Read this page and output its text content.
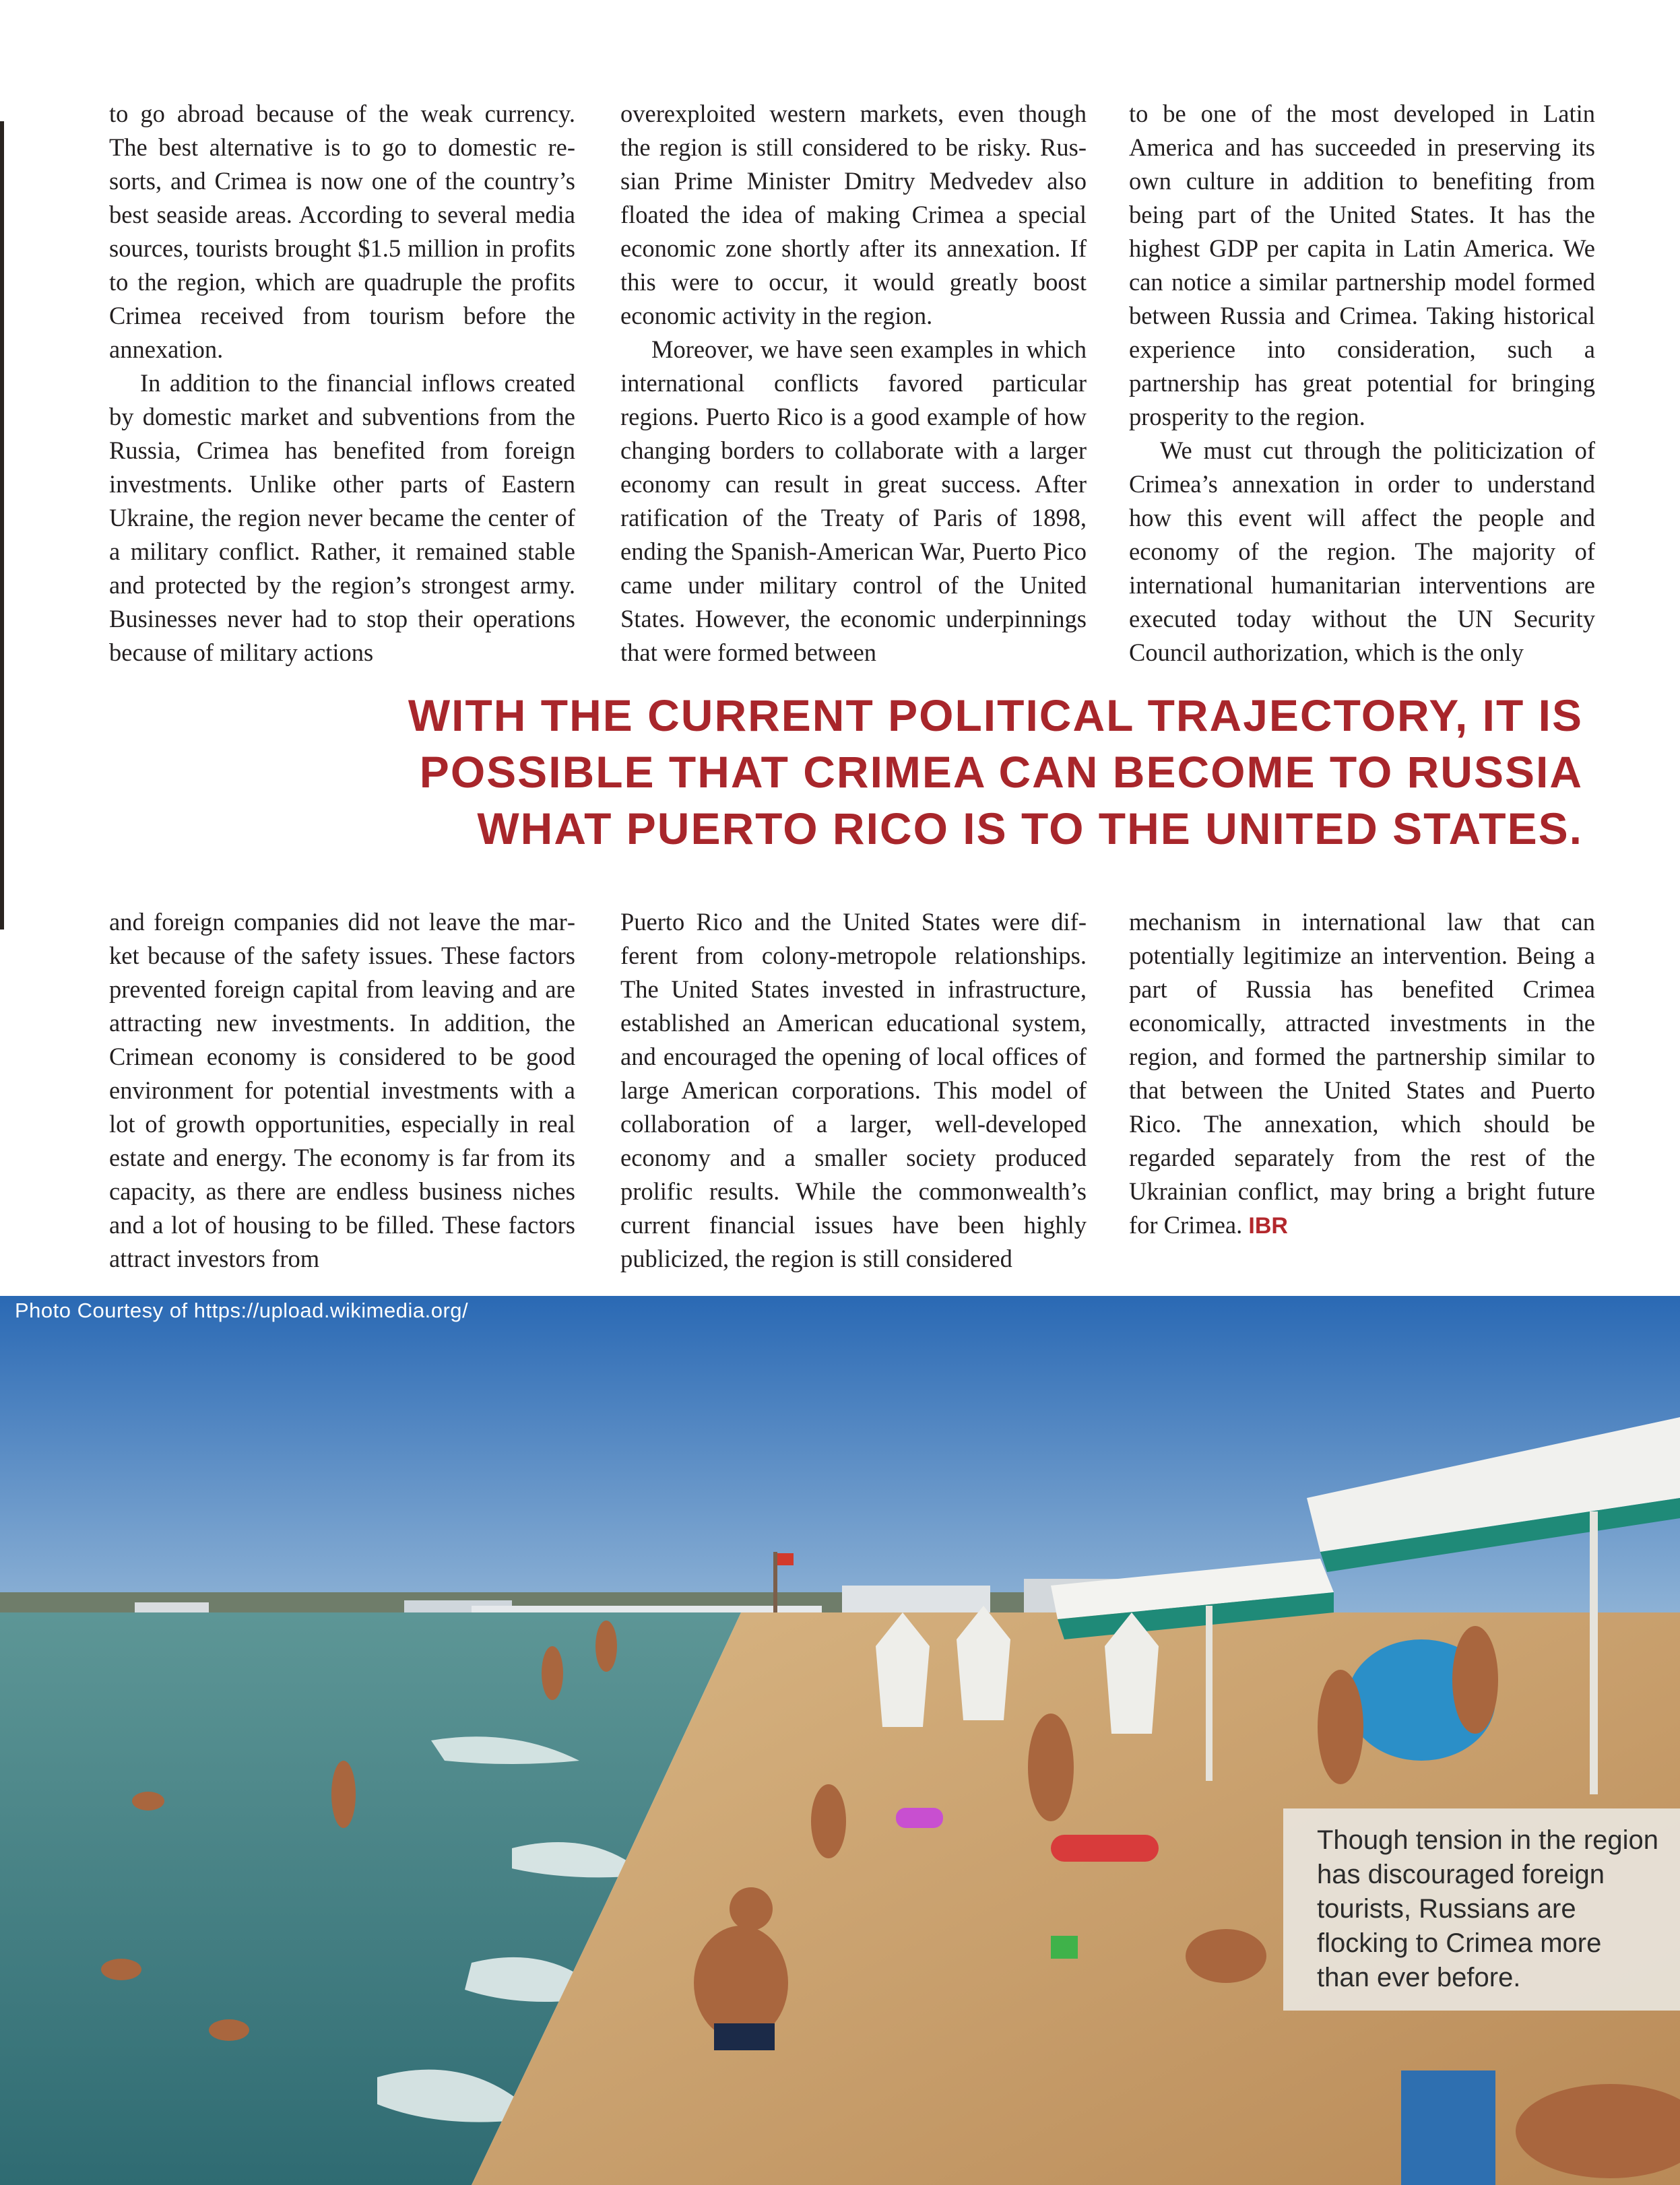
to go abroad because of the weak currency. The best alternative is to go to domestic resorts, and Crimea is now one of the country’s best seaside areas. According to several media sources, tourists brought $1.5 million in profits to the region, which are quadruple the profits Crimea received from tourism before the annexation.

In addition to the financial inflows created by domestic market and subventions from the Russia, Crimea has benefited from foreign investments. Unlike other parts of Eastern Ukraine, the region never became the center of a military conflict. Rather, it remained stable and protected by the region’s strongest army. Businesses never had to stop their operations because of military actions

overexploited western markets, even though the region is still considered to be risky. Russian Prime Minister Dmitry Medvedev also floated the idea of making Crimea a special economic zone shortly after its annexation. If this were to occur, it would greatly boost economic activity in the region.

Moreover, we have seen examples in which international conflicts favored particular regions. Puerto Rico is a good example of how changing borders to collaborate with a larger economy can result in great success. After ratification of the Treaty of Paris of 1898, ending the Spanish-American War, Puerto Pico came under military control of the United States. However, the economic underpinnings that were formed between

to be one of the most developed in Latin America and has succeeded in preserving its own culture in addition to benefiting from being part of the United States. It has the highest GDP per capita in Latin America. We can notice a similar partnership model formed between Russia and Crimea. Taking historical experience into consideration, such a partnership has great potential for bringing prosperity to the region.

We must cut through the politicization of Crimea’s annexation in order to understand how this event will affect the people and economy of the region. The majority of international humanitarian interventions are executed today without the UN Security Council authorization, which is the only

WITH THE CURRENT POLITICAL TRAJECTORY, IT IS
POSSIBLE THAT CRIMEA CAN BECOME TO RUSSIA
WHAT PUERTO RICO IS TO THE UNITED STATES.

and foreign companies did not leave the market because of the safety issues. These factors prevented foreign capital from leaving and are attracting new investments. In addition, the Crimean economy is considered to be good environment for potential investments with a lot of growth opportunities, especially in real estate and energy. The economy is far from its capacity, as there are endless business niches and a lot of housing to be filled. These factors attract investors from

Puerto Rico and the United States were different from colony-metropole relationships. The United States invested in infrastructure, established an American educational system, and encouraged the opening of local offices of large American corporations. This model of collaboration of a larger, well-developed economy and a smaller society produced prolific results. While the commonwealth’s current financial issues have been highly publicized, the region is still considered

mechanism in international law that can potentially legitimize an intervention. Being a part of Russia has benefited Crimea economically, attracted investments in the region, and formed the partnership similar to that between the United States and Puerto Rico. The annexation, which should be regarded separately from the rest of the Ukrainian conflict, may bring a bright future for Crimea. IBR

Photo Courtesy of https://upload.wikimedia.org/

Though tension in the region has discouraged foreign tourists, Russians are flocking to Crimea more than ever before.
